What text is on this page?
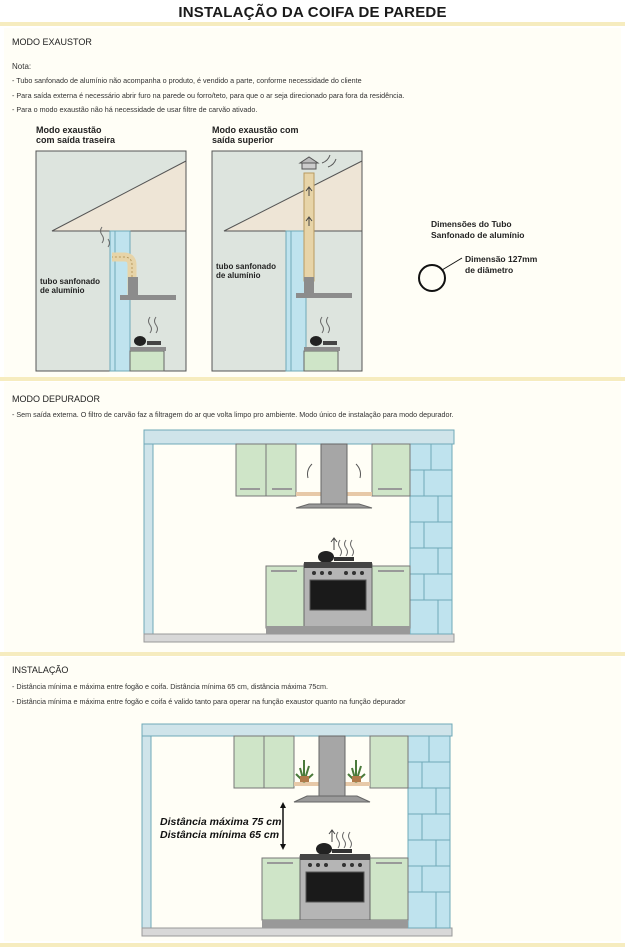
INSTALAÇÃO DA COIFA DE PAREDE
MODO EXAUSTOR
Nota:
- Tubo sanfonado de alumínio não acompanha o produto, é vendido a parte, conforme necessidade do cliente
- Para saída externa é necessário abrir furo na parede ou forro/teto, para que o ar seja direcionado para fora da residência.
- Para o modo exaustão não há necessidade de usar filtre de carvão ativado.
Modo exaustão
com saída traseira
Modo exaustão com
saída superior
tubo sanfonado
de alumínio
tubo sanfonado
de alumínio
Dimensões do Tubo
Sanfonado de alumínio
Dimensão 127mm
de diâmetro
MODO DEPURADOR
- Sem saída externa. O filtro de carvão faz a filtragem do ar que volta limpo pro ambiente. Modo único de instalação para modo depurador.
INSTALAÇÃO
- Distância mínima e máxima entre fogão e coifa. Distância mínima 65 cm, distância máxima 75cm.
- Distância mínima e máxima entre fogão e coifa é valido tanto para operar na função exaustor quanto na função depurador
Distância máxima 75 cm
Distância mínima 65 cm
